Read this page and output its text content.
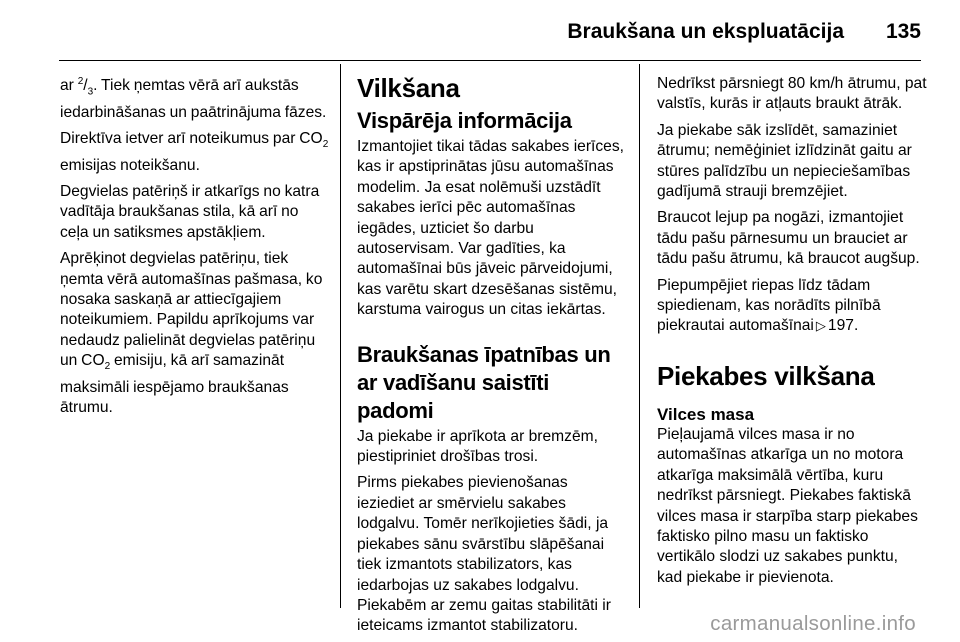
Braukšana un ekspluatācija 135

ar $^2/_3$. Tiek ņemtas vērā arī aukstās iedarbināšanas un paātrinājuma fāzes.

Direktīva ietver arī noteikumus par $CO_2$ emisijas noteikšanu.

Degvielas patēriņš ir atkarīgs no katra vadītāja braukšanas stila, kā arī no ceļa un satiksmes apstākļiem.

Aprēķinot degvielas patēriņu, tiek ņemta vērā automašīnas pašmasa, ko nosaka saskaņā ar attiecīgajiem noteikumiem. Papildu aprīkojums var nedaudz palielināt degvielas patēriņu un $CO_2$ emisiju, kā arī samazināt maksimāli iespējamo braukšanas ātrumu.

Vilkšana
Vispārēja informācija

Izmantojiet tikai tādas sakabes ierīces, kas ir apstiprinātas jūsu automašīnas modelim. Ja esat nolēmuši uzstādīt sakabes ierīci pēc automašīnas iegādes, uzticiet šo darbu autoservisam. Var gadīties, ka automašīnai būs jāveic pārveidojumi, kas varētu skart dzesēšanas sistēmu, karstuma vairogus un citas iekārtas.

Braukšanas īpatnības un ar vadīšanu saistīti padomi

Ja piekabe ir aprīkota ar bremzēm, piestipriniet drošības trosi.

Pirms piekabes pievienošanas ieziediet ar smērvielu sakabes lodgalvu. Tomēr nerīkojieties šādi, ja piekabes sānu svārstību slāpēšanai tiek izmantots stabilizators, kas iedarbojas uz sakabes lodgalvu. Piekabēm ar zemu gaitas stabilitāti ir ieteicams izmantot stabilizatoru.

Nedrīkst pārsniegt 80 km/h ātrumu, pat valstīs, kurās ir atļauts braukt ātrāk.

Ja piekabe sāk izslīdēt, samaziniet ātrumu; nemēģiniet izlīdzināt gaitu ar stūres palīdzību un nepieciešamības gadījumā strauji bremzējiet.

Braucot lejup pa nogāzi, izmantojiet tādu pašu pārnesumu un brauciet ar tādu pašu ātrumu, kā braucot augšup.

Piepumpējiet riepas līdz tādam spiedienam, kas norādīts pilnībā piekrautai automašīnai ▷ 197.

Piekabes vilkšana
Vilces masa

Pieļaujamā vilces masa ir no automašīnas atkarīga un no motora atkarīga maksimālā vērtība, kuru nedrīkst pārsniegt. Piekabes faktiskā vilces masa ir starpība starp piekabes faktisko pilno masu un faktisko vertikālo slodzi uz sakabes punktu, kad piekabe ir pievienota.

carmanualsonline.info
